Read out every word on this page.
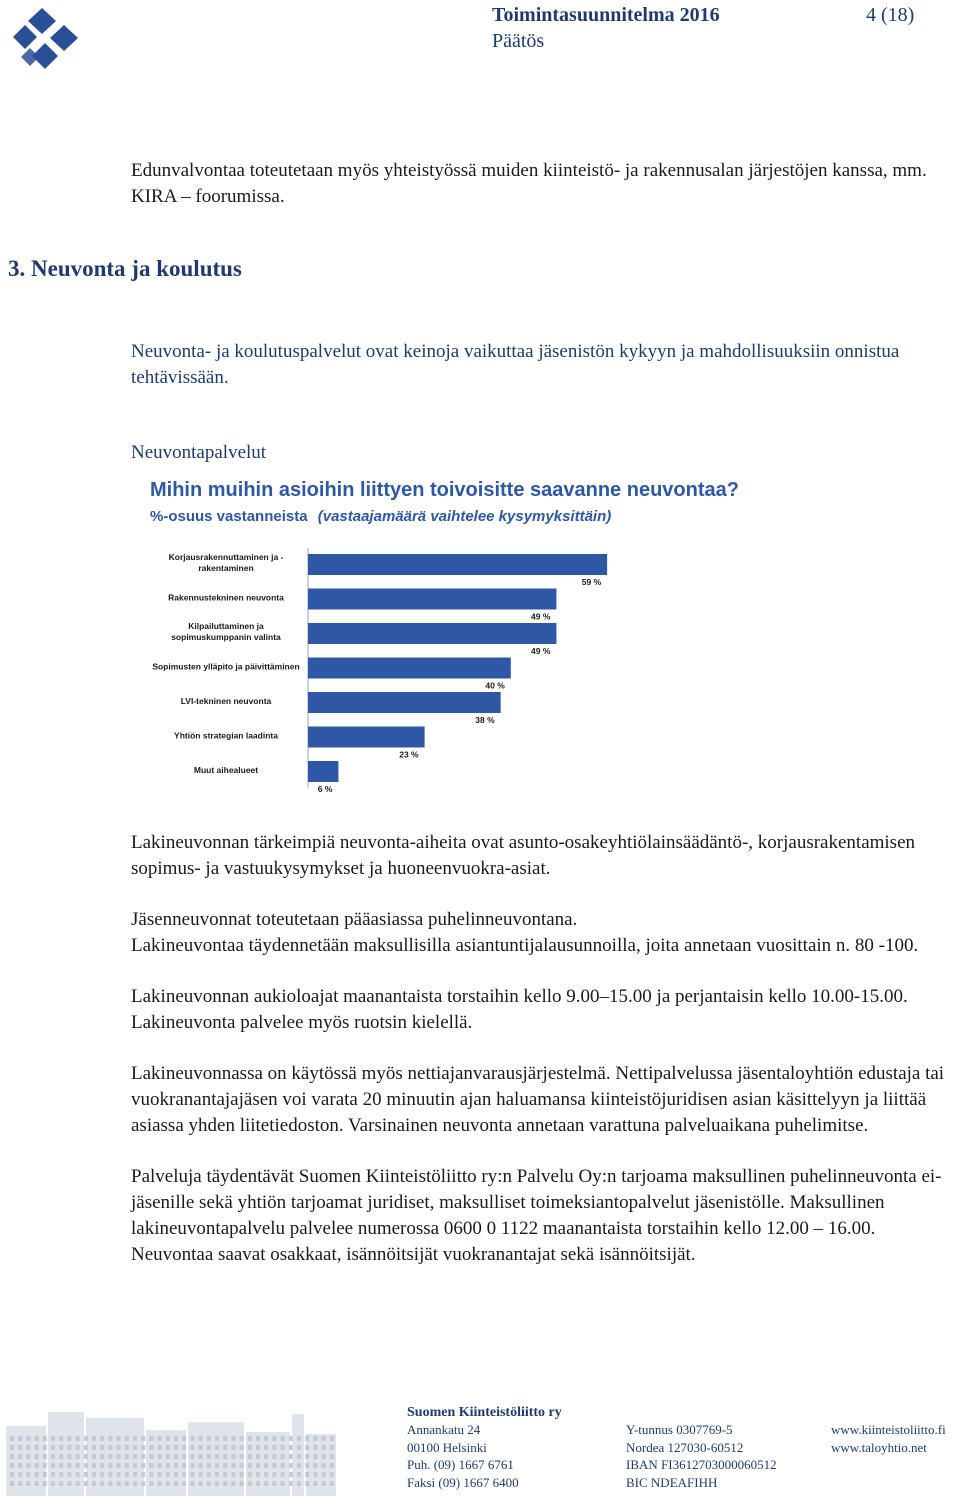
Toimintasuunnitelma 2016	4 (18)
Päätös

Edunvalvontaa toteutetaan myös yhteistyössä muiden kiinteistö- ja rakennusalan järjestöjen kanssa, mm. KIRA – foorumissa.

3. Neuvonta ja koulutus

Neuvonta- ja koulutuspalvelut ovat keinoja vaikuttaa jäsenistön kykyyn ja mahdollisuuksiin onnistua tehtävissään.

Neuvontapalvelut
Mihin muihin asioihin liittyen toivoisitte saavanne neuvontaa?
%-osuus vastanneista (vastaajamäärä vaihtelee kysymyksittäin)
59 %
Korjausrakennuttaminen ja -rakentaminen
49 %
Rakennustekninen neuvonta
49 %
Kilpailuttaminen ja sopimuskumppanin valinta
40 %
Sopimusten ylläpito ja päivittäminen
38 %
LVI-tekninen neuvonta
23 %
Yhtiön strategian laadinta
6 %
Muut aihealueet

Lakineuvonnan tärkeimpiä neuvonta-aiheita ovat asunto-osakeyhtiölainsäädäntö-, korjausrakentamisen sopimus- ja vastuukysymykset ja huoneenvuokra-asiat.

Jäsenneuvonnat toteutetaan pääasiassa puhelinneuvontana.

Lakineuvontaa täydennetään maksullisilla asiantuntijalausunnoilla, joita annetaan vuosittain n. 80 -100.

Lakineuvonnan aukioloajat maanantaista torstaihin kello 9.00–15.00 ja perjantaisin kello 10.00-15.00. Lakineuvonta palvelee myös ruotsin kielellä.

Lakineuvonnassa on käytössä myös nettiajanvarausjärjestelmä. Nettipalvelussa jäsentaloyhtiön edustaja tai vuokranantajajäsen voi varata 20 minuutin ajan haluamansa kiinteistöjuridisen asian käsittelyyn ja liittää asiassa yhden liitetiedoston. Varsinainen neuvonta annetaan varattuna palveluaikana puhelimitse.

Palveluja täydentävät Suomen Kiinteistöliitto ry:n Palvelu Oy:n tarjoama maksullinen puhelinneuvonta ei-jäsenille sekä yhtiön tarjoamat juridiset, maksulliset toimeksiantopalvelut jäsenistölle. Maksullinen lakineuvontapalvelu palvelee numerossa 0600 0 1122 maanantaista torstaihin kello 12.00 – 16.00. Neuvontaa saavat osakkaat, isännöitsijät vuokranantajat sekä isännöitsijät.

Suomen Kiinteistöliitto ry
Annankatu 24
00100 Helsinki
Puh. (09) 1667 6761
Faksi (09) 1667 6400
Y-tunnus 0307769-5
Nordea 127030-60512
IBAN FI3612703000060512
BIC NDEAFIHH
www.kiinteistoliitto.fi
www.taloyhtio.net
